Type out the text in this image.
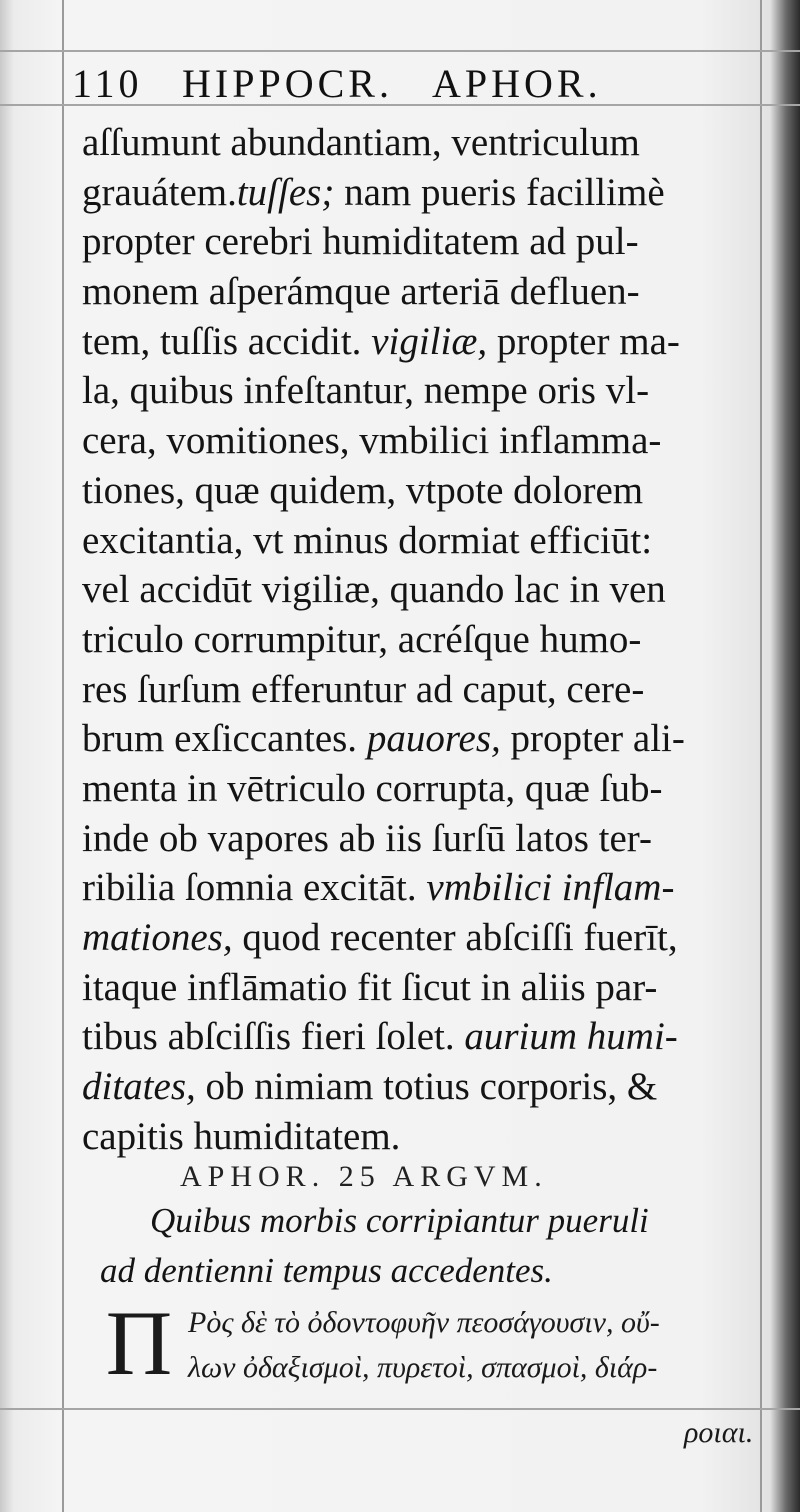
110 HIPPOCR. APHOR.
aſſumunt abundantiam, ventriculum
grauátem.tuſſes; nam pueris facillimè
propter cerebri humiditatem ad pul-
monem aſperámque arteriā defluen-
tem, tuſſis accidit. vigiliæ, propter ma-
la, quibus infeſtantur, nempe oris vl-
cera, vomitiones, vmbilici inflamma-
tiones, quæ quidem, vtpote dolorem
excitantia, vt minus dormiat efficiūt:
vel accidūt vigiliæ, quando lac in ven
triculo corrumpitur, acréſque humo-
res ſurſum efferuntur ad caput, cere-
brum exſiccantes. pauores, propter ali-
menta in vētriculo corrupta, quæ ſub-
inde ob vapores ab iis ſurſū latos ter-
ribilia ſomnia excitāt. vmbilici inflam-
mationes, quod recenter abſciſſi fuerīt,
itaque inflāmatio fit ſicut in aliis par-
tibus abſciſſis fieri ſolet. aurium humi-
ditates, ob nimiam totius corporis, &
capitis humiditatem.
APHOR. 25 ARGVM.
Quibus morbis corripiantur pueruli
ad dentienni tempus accedentes.
Π Ρὸς δὲ τὸ ὀδοντοφυῆν πεοσάγουσιν, οὔ-
λων ὀδαξισμοὶ, πυρετοὶ, σπασμοὶ, διάρ-
ροιαι.
